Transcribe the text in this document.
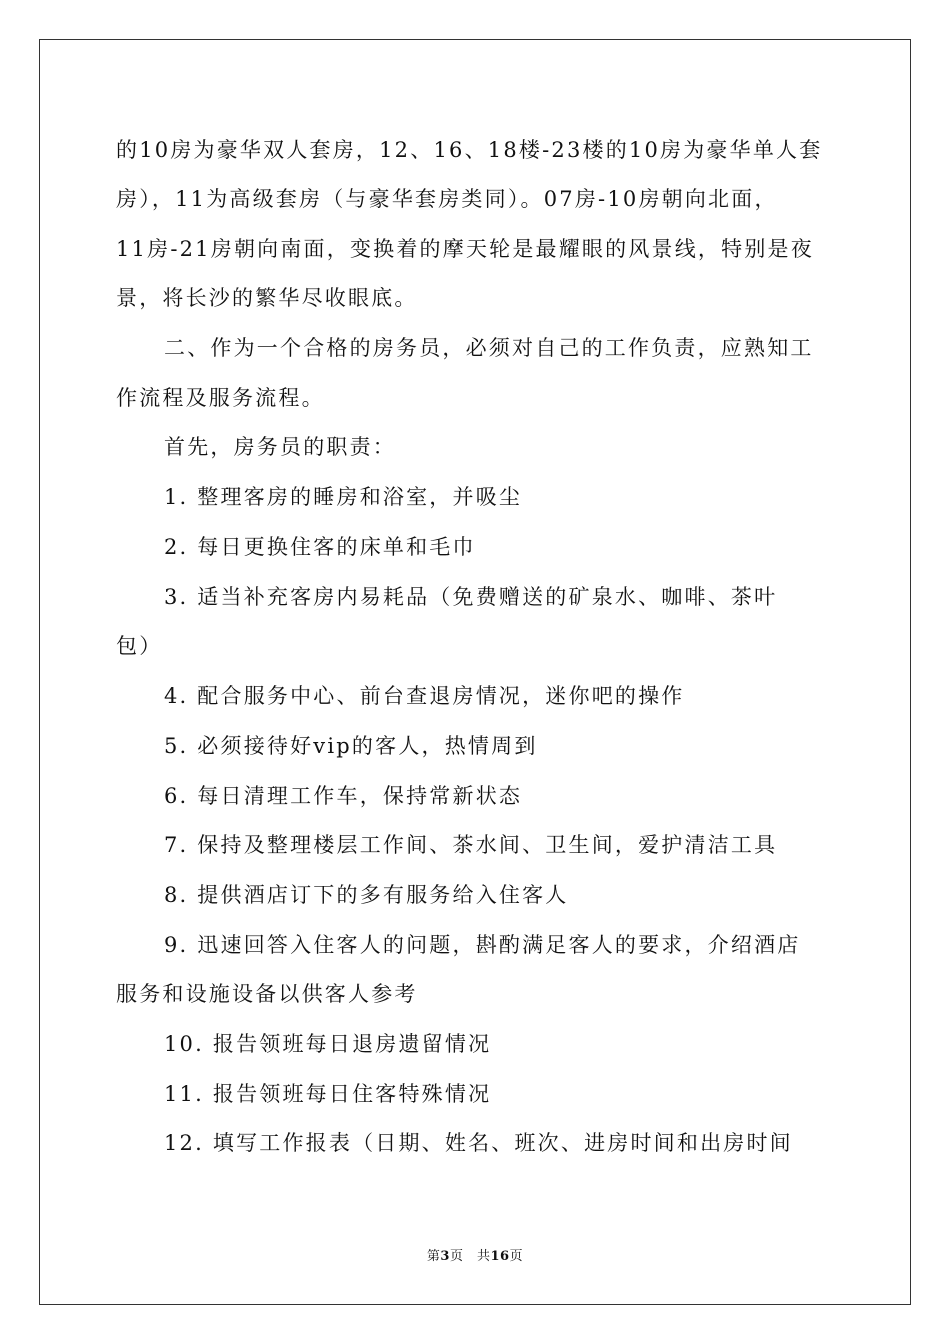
的10房为豪华双人套房，12、16、18楼-23楼的10房为豪华单人套
房），11为高级套房（与豪华套房类同）。07房-10房朝向北面，
11房-21房朝向南面，变换着的摩天轮是最耀眼的风景线，特别是夜
景，将长沙的繁华尽收眼底。
二、作为一个合格的房务员，必须对自己的工作负责，应熟知工
作流程及服务流程。
首先，房务员的职责：
1. 整理客房的睡房和浴室，并吸尘
2. 每日更换住客的床单和毛巾
3. 适当补充客房内易耗品（免费赠送的矿泉水、咖啡、茶叶
包）
4. 配合服务中心、前台查退房情况，迷你吧的操作
5. 必须接待好vip的客人，热情周到
6. 每日清理工作车，保持常新状态
7. 保持及整理楼层工作间、茶水间、卫生间，爱护清洁工具
8. 提供酒店订下的多有服务给入住客人
9. 迅速回答入住客人的问题，斟酌满足客人的要求，介绍酒店
服务和设施设备以供客人参考
10. 报告领班每日退房遗留情况
11. 报告领班每日住客特殊情况
12. 填写工作报表（日期、姓名、班次、进房时间和出房时间
第3页　共16页
